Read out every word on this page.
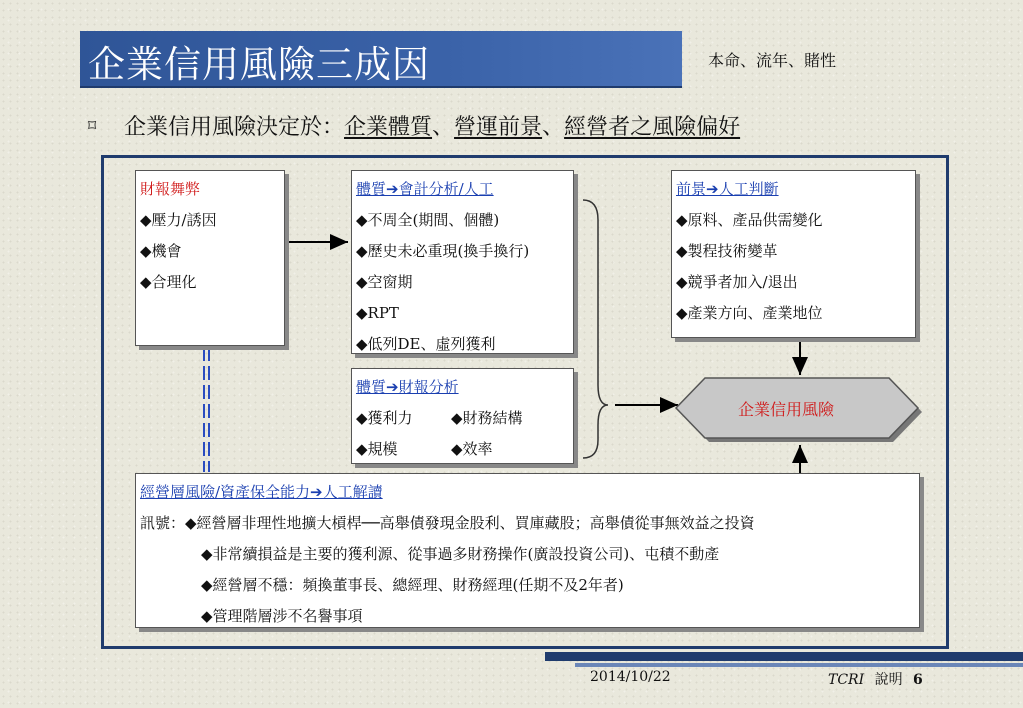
企業信用風險三成因	本命、流年、賭性
⌑ 企業信用風險決定於：企業體質、營運前景、經營者之風險偏好
企業信用風險
財報舞弊
◆壓力/誘因
◆機會
◆合理化
體質➔會計分析/人工
◆不周全(期間、個體)
◆歷史未必重現(換手換行)
◆空窗期
◆RPT
◆低列DE、虛列獲利
體質➔財報分析
◆獲利力	◆財務結構
◆規模	◆效率
前景➔人工判斷
◆原料、產品供需變化
◆製程技術變革
◆競爭者加入/退出
◆產業方向、產業地位
經營層風險/資產保全能力➔人工解讀
訊號：◆經營層非理性地擴大槓桿──高舉債發現金股利、買庫藏股；高舉債從事無效益之投資
◆非常續損益是主要的獲利源、從事過多財務操作(廣設投資公司)、屯積不動產
◆經營層不穩：頻換董事長、總經理、財務經理(任期不及2年者)
◆管理階層涉不名譽事項
2014/10/22	TCRI 說明 6
